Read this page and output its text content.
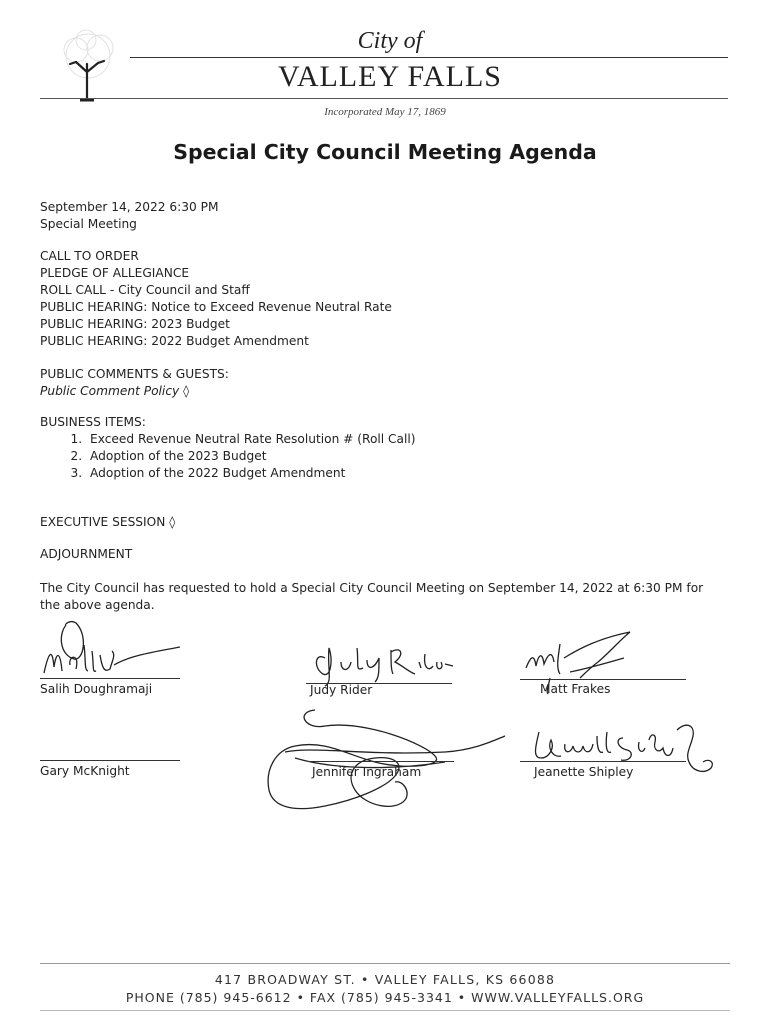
City of
VALLEY FALLS
Incorporated May 17, 1869
Special City Council Meeting Agenda
September 14, 2022 6:30 PM
Special Meeting
CALL TO ORDER
PLEDGE OF ALLEGIANCE
ROLL CALL - City Council and Staff
PUBLIC HEARING: Notice to Exceed Revenue Neutral Rate
PUBLIC HEARING: 2023 Budget
PUBLIC HEARING: 2022 Budget Amendment
PUBLIC COMMENTS & GUESTS:
Public Comment Policy ◊
BUSINESS ITEMS:
1. Exceed Revenue Neutral Rate Resolution # (Roll Call)
2. Adoption of the 2023 Budget
3. Adoption of the 2022 Budget Amendment
EXECUTIVE SESSION ◊
ADJOURNMENT
The City Council has requested to hold a Special City Council Meeting on September 14, 2022 at 6:30 PM for
the above agenda.
Salih Doughramaji	Judy Rider	Matt Frakes
Gary McKnight	Jennifer Ingraham	Jeanette Shipley
417 BROADWAY ST. • VALLEY FALLS, KS 66088
PHONE (785) 945-6612 • FAX (785) 945-3341 • WWW.VALLEYFALLS.ORG
